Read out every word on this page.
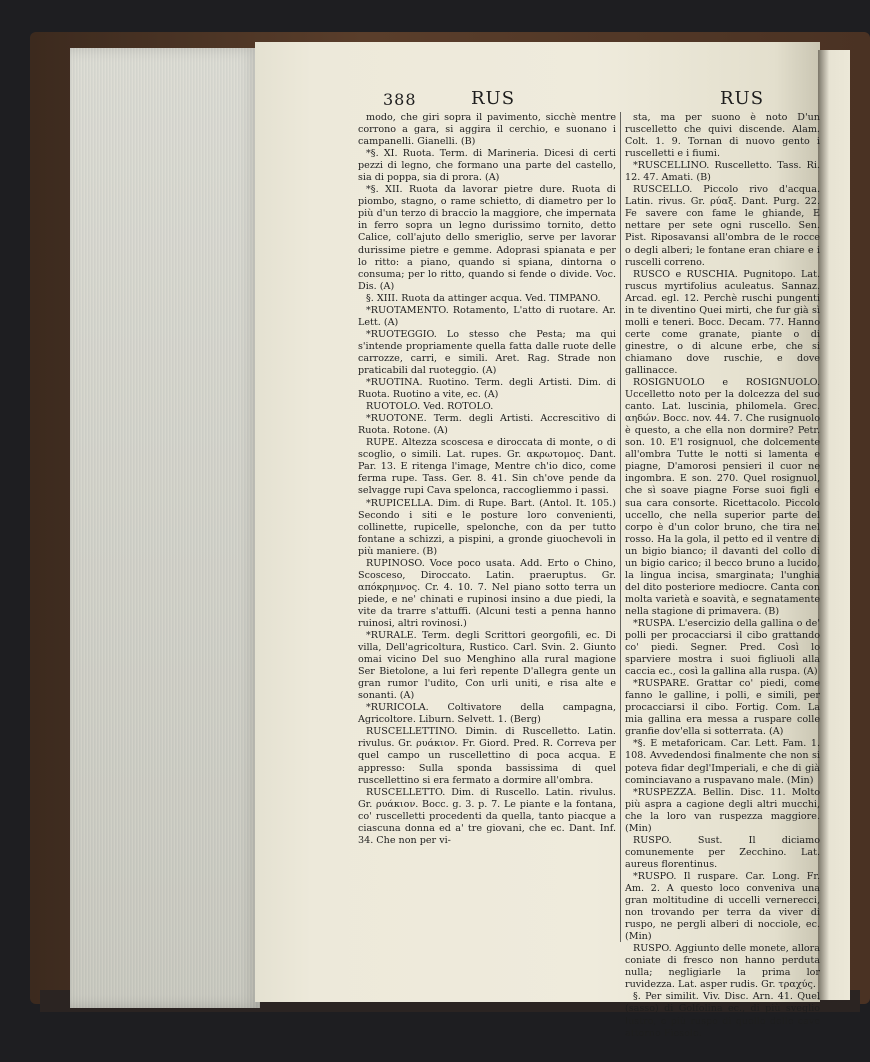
388	RUS	RUS

modo, che giri sopra il pavimento, sicchè mentre corrono a gara, si aggira il cerchio, e suonano i campanelli. Gianelli. (B)

*§. XI. Ruota. Term. di Marineria. Dicesi di certi pezzi di legno, che formano una parte del castello, sia di poppa, sia di prora. (A)

*§. XII. Ruota da lavorar pietre dure. Ruota di piombo, stagno, o rame schietto, di diametro per lo più d'un terzo di braccio la maggiore, che impernata in ferro sopra un legno durissimo tornito, detto Calice, coll'ajuto dello smeriglio, serve per lavorar durissime pietre e gemme. Adoprasi spianata e per lo ritto: a piano, quando si spiana, dintorna o consuma; per lo ritto, quando si fende o divide. Voc. Dis. (A)

§. XIII. Ruota da attinger acqua. Ved. TIMPANO.

*RUOTAMENTO. Rotamento, L'atto di ruotare. Ar. Lett. (A)

*RUOTEGGIO. Lo stesso che Pesta; ma qui s'intende propriamente quella fatta dalle ruote delle carrozze, carri, e simili. Aret. Rag. Strade non praticabili dal ruoteggio. (A)

*RUOTINA. Ruotino. Term. degli Artisti. Dim. di Ruota. Ruotino a vite, ec. (A)

RUOTOLO. Ved. ROTOLO.

*RUOTONE. Term. degli Artisti. Accrescitivo di Ruota. Rotone. (A)

RUPE. Altezza scoscesa e diroccata di monte, o di scoglio, o simili. Lat. rupes. Gr. ακρωτομος. Dant. Par. 13. E ritenga l'image, Mentre ch'io dico, come ferma rupe. Tass. Ger. 8. 41. Sin ch'ove pende da selvagge rupi Cava spelonca, raccogliemmo i passi.

*RUPICELLA. Dim. di Rupe. Bart. (Antol. It. 105.) Secondo i siti e le posture loro convenienti, collinette, rupicelle, spelonche, con da per tutto fontane a schizzi, a pispini, a gronde giuochevoli in più maniere. (B)

RUPINOSO. Voce poco usata. Add. Erto o Chino, Scosceso, Diroccato. Latin. praeruptus. Gr. απόκρημνος. Cr. 4. 10. 7. Nel piano sotto terra un piede, e ne' chinati e rupinosi insino a due piedi, la vite da trarre s'attuffi. (Alcuni testi a penna hanno ruinosi, altri rovinosi.)

*RURALE. Term. degli Scrittori georgofili, ec. Di villa, Dell'agricoltura, Rustico. Carl. Svin. 2. Giunto omai vicino Del suo Menghino alla rural magione Ser Bietolone, a lui ferì repente D'allegra gente un gran rumor l'udito, Con urli uniti, e risa alte e sonanti. (A)

*RURICOLA. Coltivatore della campagna, Agricoltore. Liburn. Selvett. 1. (Berg)

RUSCELLETTINO. Dimin. di Ruscelletto. Latin. rivulus. Gr. ρυάκιον. Fr. Giord. Pred. R. Correva per quel campo un ruscellettino di poca acqua. E appresso: Sulla sponda bassissima di quel ruscellettino si era fermato a dormire all'ombra.

RUSCELLETTO. Dim. di Ruscello. Latin. rivulus. Gr. ρυάκιον. Bocc. g. 3. p. 7. Le piante e la fontana, co' ruscelletti procedenti da quella, tanto piacque a ciascuna donna ed a' tre giovani, che ec. Dant. Inf. 34. Che non per vi-

sta, ma per suono è noto D'un ruscelletto che quivi discende. Alam. Colt. 1. 9. Tornan di nuovo gento i ruscelletti e i fiumi.

*RUSCELLINO. Ruscelletto. Tass. Ri. 12. 47. Amati. (B)

RUSCELLO. Piccolo rivo d'acqua. Latin. rivus. Gr. ρύαξ. Dant. Purg. 22. Fe savere con fame le ghiande, E nettare per sete ogni ruscello. Sen. Pist. Riposavansi all'ombra de le rocce o degli alberi; le fontane eran chiare e i ruscelli correno.

RUSCO e RUSCHIA. Pugnitopo. Lat. ruscus myrtifolius aculeatus. Sannaz. Arcad. egl. 12. Perchè ruschi pungenti in te diventino Quei mirti, che fur già sì molli e teneri. Bocc. Decam. 77. Hanno certe come granate, piante o di ginestre, o di alcune erbe, che si chiamano dove ruschie, e dove gallinacce.

ROSIGNUOLO e ROSIGNUOLO. Uccelletto noto per la dolcezza del suo canto. Lat. luscinia, philomela. Grec. αηδών. Bocc. nov. 44. 7. Che rusignuolo è questo, a che ella non dormire? Petr. son. 10. E'l rosignuol, che dolcemente all'ombra Tutte le notti si lamenta e piagne, D'amorosi pensieri il cuor ne ingombra. E son. 270. Quel rosignuol, che sì soave piagne Forse suoi figli e sua cara consorte. Ricettacolo. Piccolo uccello, che nella superior parte del corpo è d'un color bruno, che tira nel rosso. Ha la gola, il petto ed il ventre di un bigio bianco; il davanti del collo di un bigio carico; il becco bruno a lucido, la lingua incisa, smarginata; l'unghia del dito posteriore mediocre. Canta con molta varietà e soavità, e segnatamente nella stagione di primavera. (B)

*RUSPA. L'esercizio della gallina o de' polli per procacciarsi il cibo grattando co' piedi. Segner. Pred. Così lo sparviere mostra i suoi figliuoli alla caccia ec., così la gallina alla ruspa. (A)

*RUSPARE. Grattar co' piedi, come fanno le galline, i polli, e simili, per procacciarsi il cibo. Fortig. Com. La mia gallina era messa a ruspare colle granfie dov'ella si sotterrata. (A)

*§. E metaforicam. Car. Lett. Fam. 1. 108. Avvedendosi finalmente che non si poteva fidar degl'Imperiali, e che di già cominciavano a ruspavano male. (Min)

*RUSPEZZA. Bellin. Disc. 11. Molto più aspra a cagione degli altri mucchi, che la loro van ruspezza maggiore. (Min)

RUSPO. Sust. Il diciamo comunemente per Zecchino. Lat. aureus florentinus.

*RUSPO. Il ruspare. Car. Long. Fr. Am. 2. A questo loco conveniva una gran moltitudine di uccelli vernerecci, non trovando per terra da viver di ruspo, ne pergli alberi di nocciole, ec. (Min)

RUSPO. Aggiunto delle monete, allora coniate di fresco non hanno perduta nulla; negligiarle la prima lor ruvidezza. Lat. asper rudis. Gr. τραχύς.

§. Per similit. Viv. Disc. Arn. 41. Quel (sasso) di Golfolina ec., di più sveglio lustro, e più ruspo di quello delle cave attorno Fiesole.
